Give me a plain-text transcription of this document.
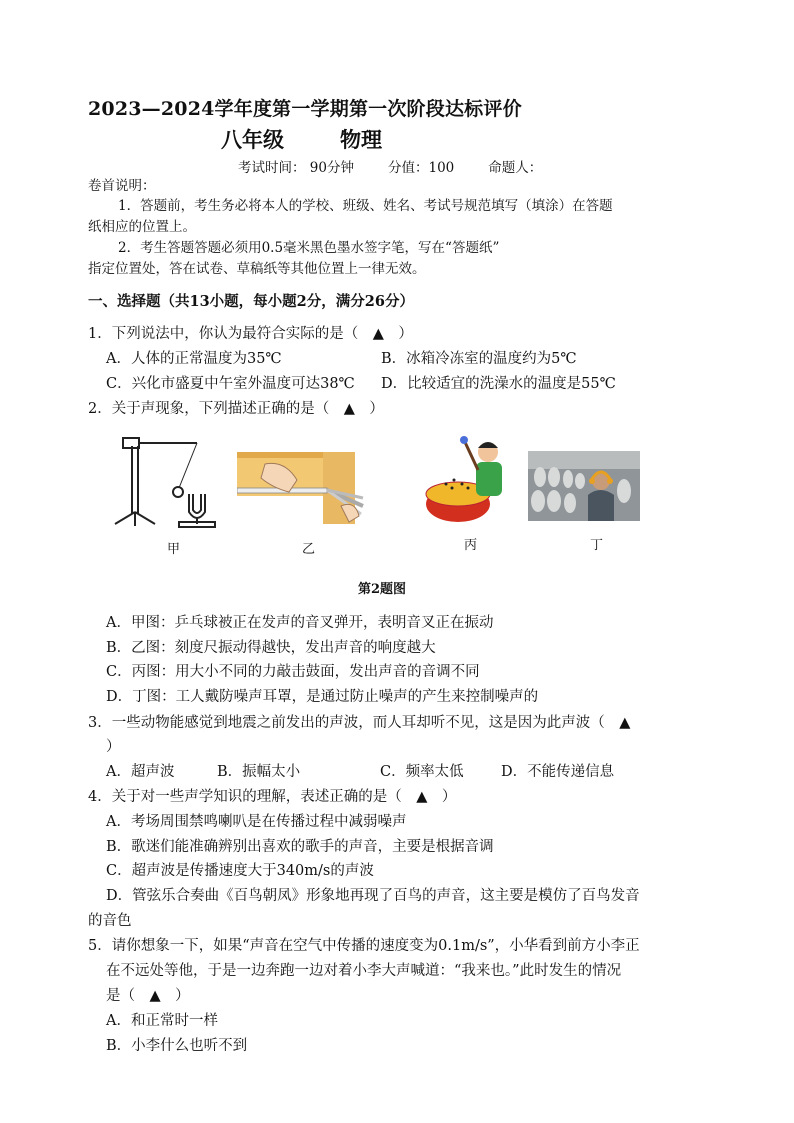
2023—2024学年度第一学期第一次阶段达标评价
八年级	物理
考试时间： 90分钟	分值：100	命题人：
卷首说明：
1．答题前，考生务必将本人的学校、班级、姓名、考试号规范填写（填涂）在答题
纸相应的位置上。
2．考生答题答题必须用0.5毫米黑色墨水签字笔，写在“答题纸”
指定位置处，答在试卷、草稿纸等其他位置上一律无效。
一、选择题（共13小题，每小题2分，满分26分）
1．下列说法中，你认为最符合实际的是（　▲　）
A．人体的正常温度为35℃	B．冰箱冷冻室的温度约为5℃
C．兴化市盛夏中午室外温度可达38℃ D．比较适宜的洗澡水的温度是55℃
2．关于声现象，下列描述正确的是（　▲　）
甲	乙	丙	丁
第2题图
A．甲图：乒乓球被正在发声的音叉弹开，表明音叉正在振动
B．乙图：刻度尺振动得越快，发出声音的响度越大
C．丙图：用大小不同的力敲击鼓面，发出声音的音调不同
D．丁图：工人戴防噪声耳罩，是通过防止噪声的产生来控制噪声的
3．一些动物能感觉到地震之前发出的声波，而人耳却听不见，这是因为此声波（　▲
）
A．超声波	B．振幅太小	C．频率太低	D．不能传递信息
4．关于对一些声学知识的理解，表述正确的是（　▲　）
A．考场周围禁鸣喇叭是在传播过程中减弱噪声
B．歌迷们能准确辨别出喜欢的歌手的声音，主要是根据音调
C．超声波是传播速度大于340m/s的声波
D．管弦乐合奏曲《百鸟朝凤》形象地再现了百鸟的声音，这主要是模仿了百鸟发音
的音色
5．请你想象一下，如果“声音在空气中传播的速度变为0.1m/s”，小华看到前方小李正
在不远处等他，于是一边奔跑一边对着小李大声喊道：“我来也。”此时发生的情况
是（　▲　）
A．和正常时一样
B．小李什么也听不到
